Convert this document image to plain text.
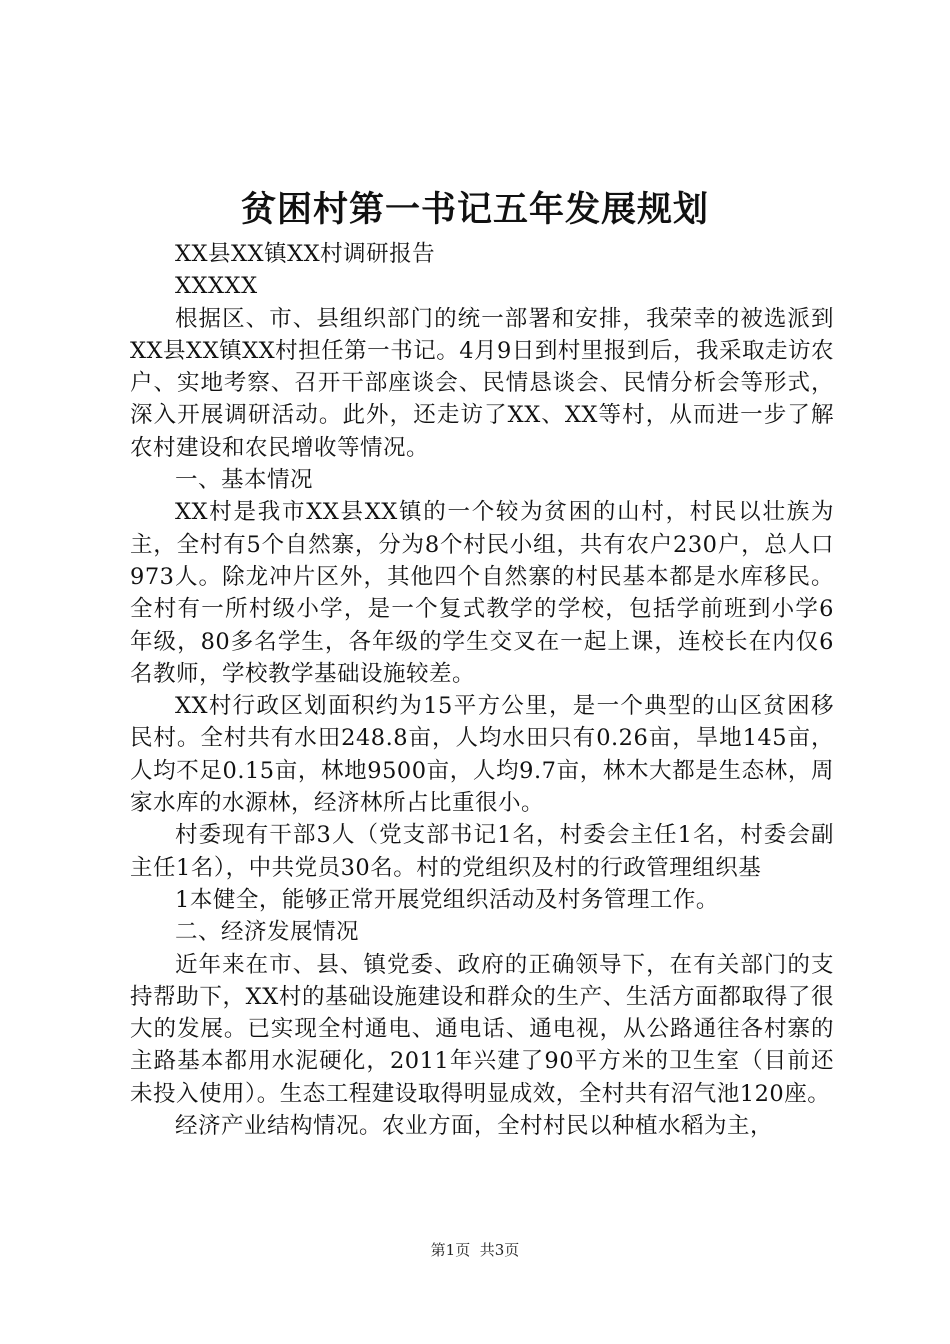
贫困村第一书记五年发展规划

XX县XX镇XX村调研报告

XXXXX

根据区、市、县组织部门的统一部署和安排，我荣幸的被选派到XX县XX镇XX村担任第一书记。4月9日到村里报到后，我采取走访农户、实地考察、召开干部座谈会、民情恳谈会、民情分析会等形式，深入开展调研活动。此外，还走访了XX、XX等村，从而进一步了解农村建设和农民增收等情况。

一、基本情况

XX村是我市XX县XX镇的一个较为贫困的山村，村民以壮族为主，全村有5个自然寨，分为8个村民小组，共有农户230户，总人口973人。除龙冲片区外，其他四个自然寨的村民基本都是水库移民。全村有一所村级小学，是一个复式教学的学校，包括学前班到小学6年级，80多名学生，各年级的学生交叉在一起上课，连校长在内仅6名教师，学校教学基础设施较差。

XX村行政区划面积约为15平方公里，是一个典型的山区贫困移民村。全村共有水田248.8亩，人均水田只有0.26亩，旱地145亩，人均不足0.15亩，林地9500亩，人均9.7亩，林木大都是生态林，周家水库的水源林，经济林所占比重很小。

村委现有干部3人（党支部书记1名，村委会主任1名，村委会副主任1名），中共党员30名。村的党组织及村的行政管理组织基

1本健全，能够正常开展党组织活动及村务管理工作。

二、经济发展情况

近年来在市、县、镇党委、政府的正确领导下，在有关部门的支持帮助下，XX村的基础设施建设和群众的生产、生活方面都取得了很大的发展。已实现全村通电、通电话、通电视，从公路通往各村寨的主路基本都用水泥硬化，2011年兴建了90平方米的卫生室（目前还未投入使用）。生态工程建设取得明显成效，全村共有沼气池120座。

经济产业结构情况。农业方面，全村村民以种植水稻为主，

第1页 共3页
